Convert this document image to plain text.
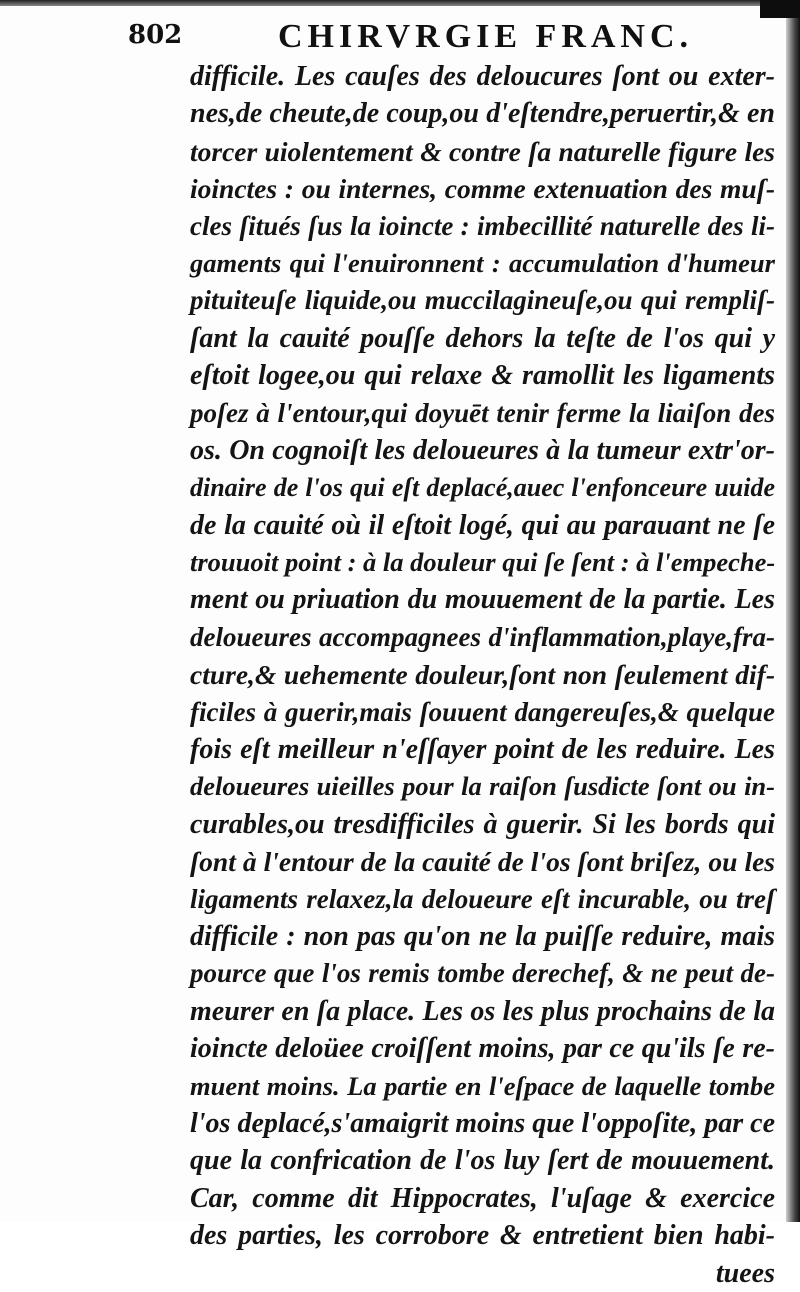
802	CHIRVRGIE FRANC.
difficile. Les cauſes des deloucures ſont ou exter-
nes,de cheute,de coup,ou d'eſtendre,peruertir,& en
torcer uiolentement & contre ſa naturelle figure les
ioinctes : ou internes, comme extenuation des muſ-
cles ſitués ſus la ioincte : imbecillité naturelle des li-
gaments qui l'enuironnent : accumulation d'humeur
pituiteuſe liquide,ou muccilagineuſe,ou qui rempliſ-
ſant la cauité pouſſe dehors la teſte de l'os qui y
eſtoit logee,ou qui relaxe & ramollit les ligaments
poſez à l'entour,qui doyuēt tenir ferme la liaiſon des
os. On cognoiſt les deloueures à la tumeur extr'or-
dinaire de l'os qui eſt deplacé,auec l'enfonceure uuide
de la cauité où il eſtoit logé, qui au parauant ne ſe
trouuoit point : à la douleur qui ſe ſent : à l'empeche-
ment ou priuation du mouuement de la partie. Les
deloueures accompagnees d'inflammation,playe,fra-
cture,& uehemente douleur,ſont non ſeulement dif-
ficiles à guerir,mais ſouuent dangereuſes,& quelque
fois eſt meilleur n'eſſayer point de les reduire. Les
deloueures uieilles pour la raiſon ſusdicte ſont ou in-
curables,ou tresdifficiles à guerir. Si les bords qui
ſont à l'entour de la cauité de l'os ſont briſez, ou les
ligaments relaxez,la deloueure eſt incurable, ou treſ
difficile : non pas qu'on ne la puiſſe reduire, mais
pource que l'os remis tombe derechef, & ne peut de-
meurer en ſa place. Les os les plus prochains de la
ioincte deloüee croiſſent moins, par ce qu'ils ſe re-
muent moins. La partie en l'eſpace de laquelle tombe
l'os deplacé,s'amaigrit moins que l'oppoſite, par ce
que la confrication de l'os luy ſert de mouuement.
Car, comme dit Hippocrates, l'uſage & exercice
des parties, les corrobore & entretient bien habi-
tuees
